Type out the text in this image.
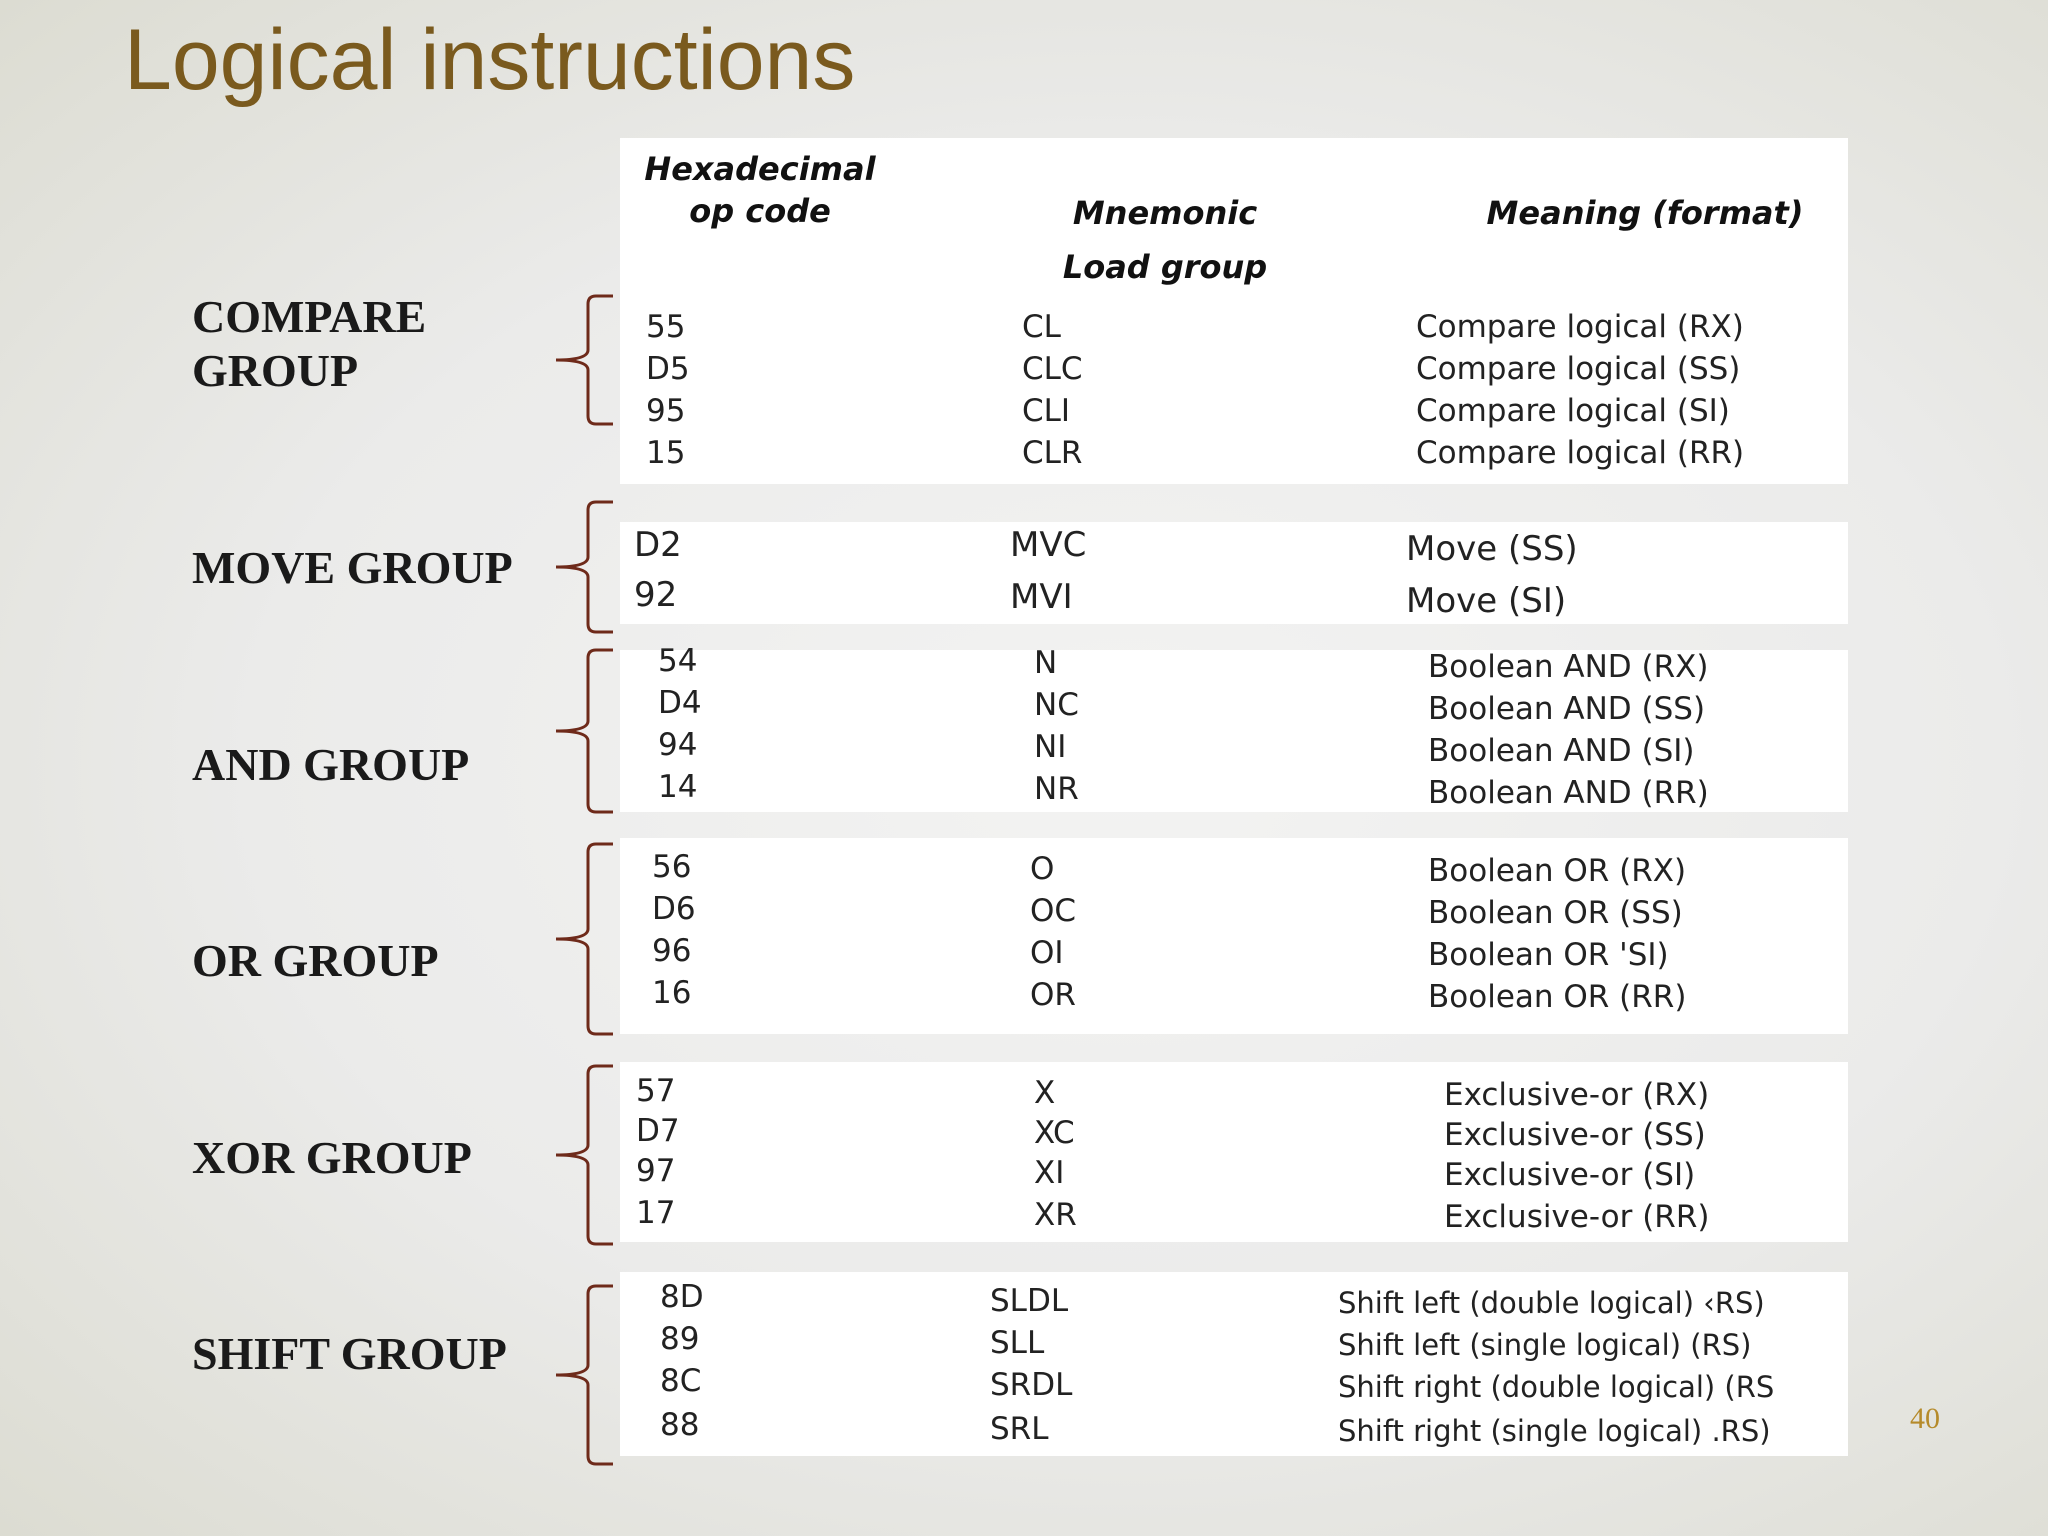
Logical instructions
Hexadecimal
op code	Mnemonic	Meaning (format)
Load group
COMPARE
GROUP
MOVE GROUP
AND GROUP
OR GROUP
XOR GROUP
SHIFT GROUP
55	CL	Compare logical (RX)
D5	CLC	Compare logical (SS)
95	CLI	Compare logical (SI)
15	CLR	Compare logical (RR)
D2	MVC	Move (SS)
92	MVI	Move (SI)
54	N	Boolean AND (RX)
D4	NC	Boolean AND (SS)
94	NI	Boolean AND (SI)
14	NR	Boolean AND (RR)
56	O	Boolean OR (RX)
D6	OC	Boolean OR (SS)
96	OI	Boolean OR 'SI)
16	OR	Boolean OR (RR)
57	X	Exclusive-or (RX)
D7	XC	Exclusive-or (SS)
97	XI	Exclusive-or (SI)
17	XR	Exclusive-or (RR)
8D	SLDL	Shift left (double logical) ‹RS)
89	SLL	Shift left (single logical) (RS)
8C	SRDL	Shift right (double logical) (RS
88	SRL	Shift right (single logical) .RS)	40
